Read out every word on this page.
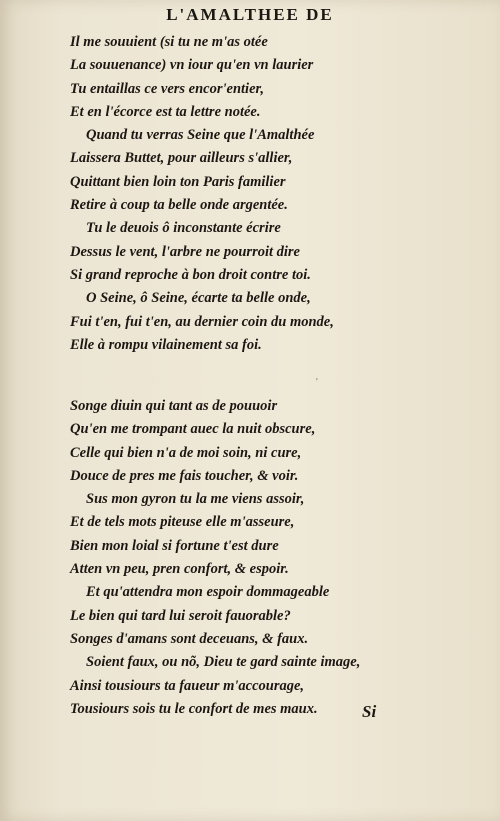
L'AMALTHEE DE
Il me souuient (si tu ne m'as otée
La souuenance) vn iour qu'en vn laurier
Tu entaillas ce vers encor'entier,
Et en l'écorce est ta lettre notée.
Quand tu verras Seine que l'Amalthée
Laissera Buttet, pour ailleurs s'allier,
Quittant bien loin ton Paris familier
Retire à coup ta belle onde argentée.
Tu le deuois ô inconstante écrire
Dessus le vent, l'arbre ne pourroit dire
Si grand reproche à bon droit contre toi.
O Seine, ô Seine, écarte ta belle onde,
Fui t'en, fui t'en, au dernier coin du monde,
Elle à rompu vilainement sa foi.
'
Songe diuin qui tant as de pouuoir
Qu'en me trompant auec la nuit obscure,
Celle qui bien n'a de moi soin, ni cure,
Douce de pres me fais toucher, & voir.
Sus mon gyron tu la me viens assoir,
Et de tels mots piteuse elle m'asseure,
Bien mon loial si fortune t'est dure
Atten vn peu, pren confort, & espoir.
Et qu'attendra mon espoir dommageable
Le bien qui tard lui seroit fauorable?
Songes d'amans sont deceuans, & faux.
Soient faux, ou nõ, Dieu te gard sainte image,
Ainsi tousiours ta faueur m'accourage,
Tousiours sois tu le confort de mes maux.	Si
